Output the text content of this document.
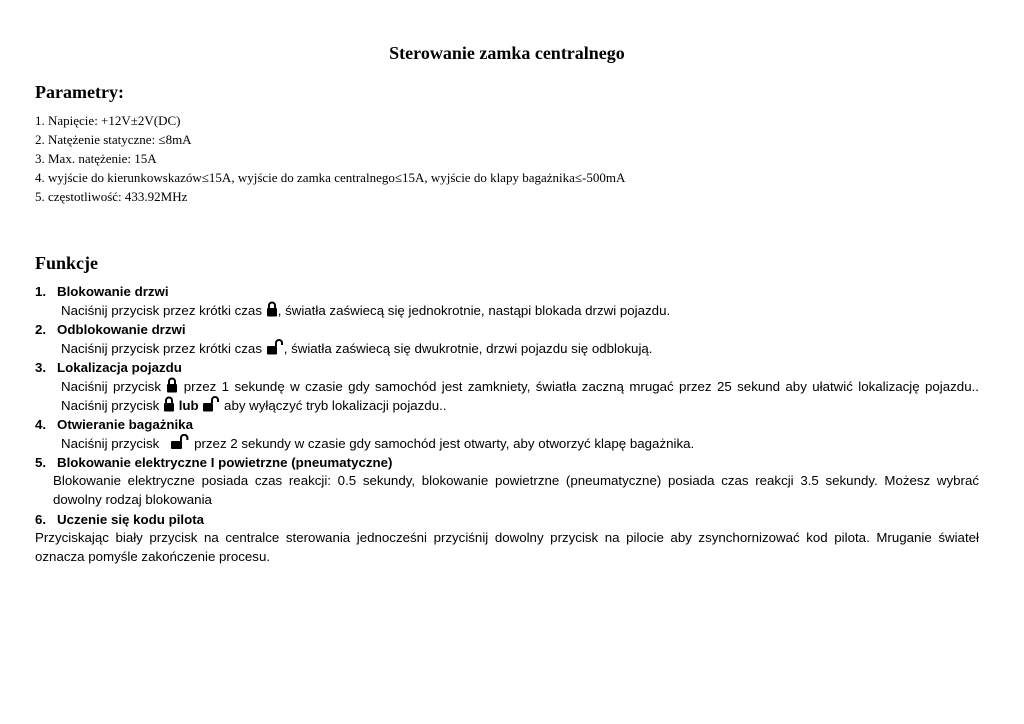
Sterowanie zamka centralnego
Parametry:
1. Napięcie: +12V±2V(DC)
2. Natężenie statyczne: ≤8mA
3. Max. natężenie: 15A
4. wyjście do kierunkowskazów≤15A, wyjście do zamka centralnego≤15A, wyjście do klapy bagażnika≤-500mA
5. częstotliwość: 433.92MHz
Funkcje
1. Blokowanie drzwi
Naciśnij przycisk przez krótki czas , światła zaświecą się jednokrotnie, nastąpi blokada drzwi pojazdu.
2. Odblokowanie drzwi
Naciśnij przycisk przez krótki czas , światła zaświecą się dwukrotnie, drzwi pojazdu się odblokują.
3. Lokalizacja pojazdu
Naciśnij przycisk przez 1 sekundę w czasie gdy samochód jest zamkniety, światła zaczną mrugać przez 25 sekund aby ułatwić lokalizację pojazdu..
Naciśnij przycisk lub aby wyłączyć tryb lokalizacji pojazdu..
4. Otwieranie bagażnika
Naciśnij przycisk	przez 2 sekundy w czasie gdy samochód jest otwarty, aby otworzyć klapę bagażnika.
5. Blokowanie elektryczne I powietrzne (pneumatyczne)
Blokowanie elektryczne posiada czas reakcji: 0.5 sekundy, blokowanie powietrzne (pneumatyczne) posiada czas reakcji 3.5 sekundy. Możesz wybrać
dowolny rodzaj blokowania
6. Uczenie się kodu pilota
Przyciskając biały przycisk na centralce sterowania jednocześni przyciśnij dowolny przycisk na pilocie aby zsynchornizować kod pilota. Mruganie świateł
oznacza pomyśle zakończenie procesu.
